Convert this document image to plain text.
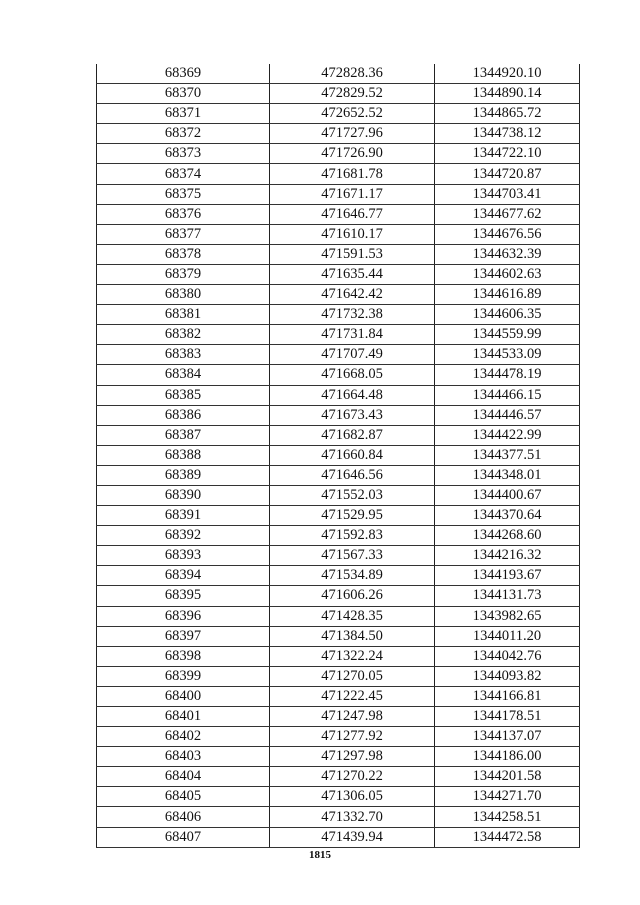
68369	472828.36	1344920.10
68370	472829.52	1344890.14
68371	472652.52	1344865.72
68372	471727.96	1344738.12
68373	471726.90	1344722.10
68374	471681.78	1344720.87
68375	471671.17	1344703.41
68376	471646.77	1344677.62
68377	471610.17	1344676.56
68378	471591.53	1344632.39
68379	471635.44	1344602.63
68380	471642.42	1344616.89
68381	471732.38	1344606.35
68382	471731.84	1344559.99
68383	471707.49	1344533.09
68384	471668.05	1344478.19
68385	471664.48	1344466.15
68386	471673.43	1344446.57
68387	471682.87	1344422.99
68388	471660.84	1344377.51
68389	471646.56	1344348.01
68390	471552.03	1344400.67
68391	471529.95	1344370.64
68392	471592.83	1344268.60
68393	471567.33	1344216.32
68394	471534.89	1344193.67
68395	471606.26	1344131.73
68396	471428.35	1343982.65
68397	471384.50	1344011.20
68398	471322.24	1344042.76
68399	471270.05	1344093.82
68400	471222.45	1344166.81
68401	471247.98	1344178.51
68402	471277.92	1344137.07
68403	471297.98	1344186.00
68404	471270.22	1344201.58
68405	471306.05	1344271.70
68406	471332.70	1344258.51
68407	471439.94	1344472.58
1815
